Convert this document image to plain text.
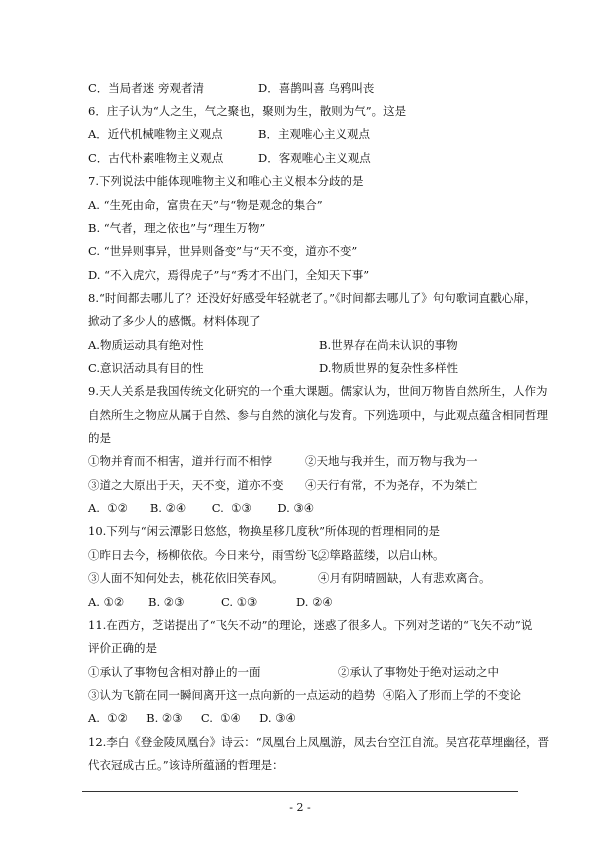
C．当局者迷 旁观者清	D．喜鹊叫喜 乌鸦叫丧
6．庄子认为“人之生，气之聚也，聚则为生，散则为气”。这是
A．近代机械唯物主义观点	B．主观唯心主义观点
C．古代朴素唯物主义观点	D．客观唯心主义观点
7.下列说法中能体现唯物主义和唯心主义根本分歧的是
A. “生死由命，富贵在天”与“物是观念的集合”
B. “气者，理之依也”与“理生万物”
C. “世异则事异，世异则备变”与“天不变，道亦不变”
D. “不入虎穴，焉得虎子”与“秀才不出门，全知天下事”
8.“时间都去哪儿了？还没好好感受年轻就老了。”《时间都去哪儿了》句句歌词直戳心扉，
掀动了多少人的感慨。材料体现了
A.物质运动具有绝对性	B.世界存在尚未认识的事物
C.意识活动具有目的性	D.物质世界的复杂性多样性
9.天人关系是我国传统文化研究的一个重大课题。儒家认为，世间万物皆自然所生，人作为
自然所生之物应从属于自然、参与自然的演化与发育。下列选项中，与此观点蕴含相同哲理
的是
①物并育而不相害，道并行而不相悖	②天地与我并生，而万物与我为一
③道之大原出于天，天不变，道亦不变 ④天行有常，不为尧存，不为桀亡
A.  ①②      B. ②④       C.  ①③       D. ③④
10.下列与“闲云潭影日悠悠，物换星移几度秋”所体现的哲理相同的是
①昨日去今，杨柳依依。今日来兮，雨雪纷飞。
②筚路蓝缕，以启山林。
③人面不知何处去，桃花依旧笑春风。	④月有阴晴圆缺，人有悲欢离合。
A. ①② B. ②③	C. ①③	D. ②④
11.在西方，芝诺提出了“飞矢不动”的理论，迷惑了很多人。下列对芝诺的“飞矢不动”说
评价正确的是
①承认了事物包含相对静止的一面	②承认了事物处于绝对运动之中
③认为飞箭在同一瞬间离开这一点向新的一点运动的趋势 ④陷入了形而上学的不变论
A.  ①②     B. ②③     C.  ①④     D. ③④
12.李白《登金陵凤凰台》诗云：“凤凰台上凤凰游，凤去台空江自流。吴宫花草埋幽径，晋
代衣冠成古丘。”该诗所蕴涵的哲理是：
- 2 -
